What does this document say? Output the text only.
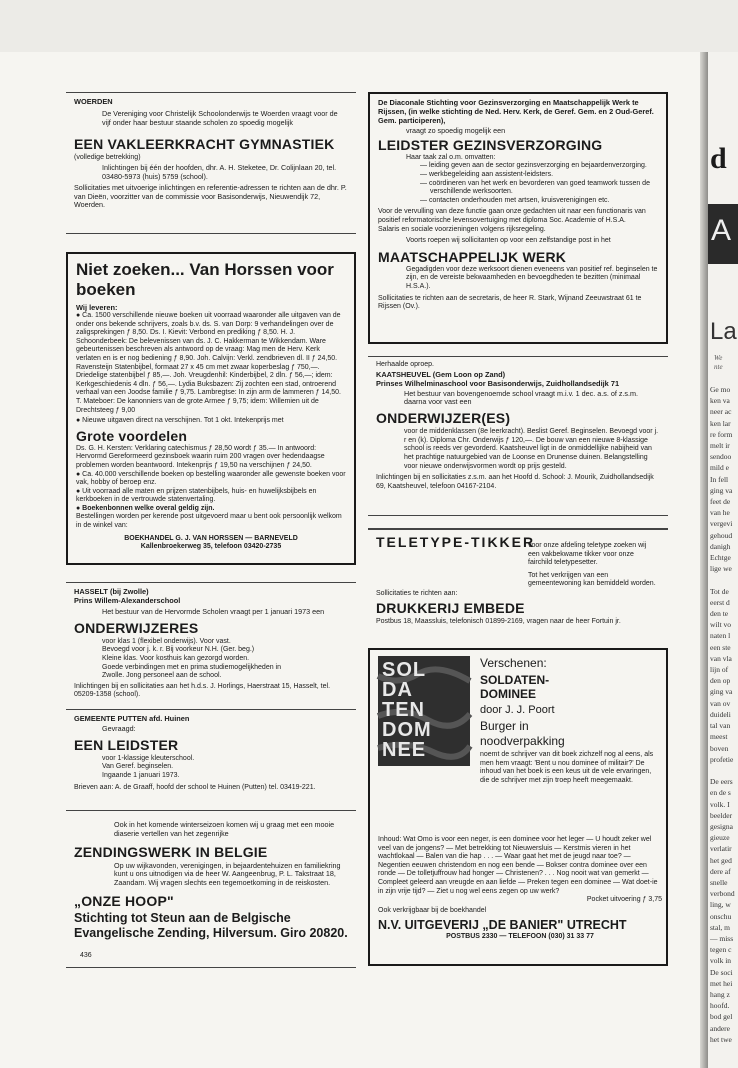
d
A
La
We
nte
Ge mo
ken va
neer ac
ken lar
re form
melt ir
sendoo
mild e
In fell
ging va
feet de
van he
vergevi
gehoud
danigh
Echtge
lige we

Tot de
eerst d
den te
wilt vo
naten l
een ste
van vla
lijn of
den op
ging va
van ov
duideli
tal van
meest
boven
profetie

De eers
en de s
volk. I
beelder
gesigna
gieuze
verlatir
het ged
dere af
snelle
verbond
ling, w
onschu
stal, m
— miss
tegen c
volk in
De soci
met hei
hang z
hoofd.
bod gel
andere
het twe

WOERDEN

De Vereniging voor Christelijk Schoolonderwijs te Woerden vraagt voor de vijf onder haar bestuur staande scholen zo spoedig mogelijk

EEN VAKLEERKRACHT GYMNASTIEK

(volledige betrekking)

Inlichtingen bij één der hoofden, dhr. A. H. Steketee, Dr. Colijnlaan 20, tel. 03480-5973 (huis) 5759 (school).

Sollicitaties met uitvoerige inlichtingen en referentie-adressen te richten aan de dhr. P. van Dieën, voorzitter van de commissie voor Basisonderwijs, Nieuwendijk 72, Woerden.

Niet zoeken... Van Horssen voor boeken

Wij leveren:

● Ca. 1500 verschillende nieuwe boeken uit voorraad waaronder alle uitgaven van de onder ons bekende schrijvers, zoals b.v. ds. S. van Dorp: 9 verhandelingen over de zaligsprekingen ƒ 8,50. Ds. I. Kievit: Verbond en prediking ƒ 8,50. H. J. Schoonderbeek: De belevenissen van ds. J. C. Hakkerman te Wikkendam. Ware gebeurtenissen beschreven als antwoord op de vraag: Mag men de Herv. Kerk verlaten en is er nog bediening ƒ 8,90. Joh. Calvijn: Verkl. zendbrieven dl. II ƒ 24,50. Ravensteijn Statenbijbel, formaat 27 x 45 cm met zwaar koperbeslag ƒ 750,—. Driedelige statenbijbel ƒ 85,—. Joh. Vreugdenhil: Kinderbijbel, 2 dln. ƒ 56,—; idem: Kerkgeschiedenis 4 dln. ƒ 56,—. Lydia Buksbazen: Zij zochten een stad, ontroerend verhaal van een Joodse familie ƒ 9,75. Lambregtse: In zijn arm de lammeren ƒ 14,50. T. Mateboer: De kanonniers van de grote Armee ƒ 9,75; idem: Willemien uit de Drechtsteeg ƒ 9,00

● Nieuwe uitgaven direct na verschijnen. Tot 1 okt. Intekenprijs met

Grote voordelen

Ds. G. H. Kersten: Verklaring catechismus ƒ 28,50 wordt ƒ 35.— In antwoord: Hervormd Gereformeerd gezinsboek waarin ruim 200 vragen over hedendaagse problemen worden beantwoord. Intekenprijs ƒ 19,50 na verschijnen ƒ 24,50.

● Ca. 40.000 verschillende boeken op bestelling waaronder alle gewenste boeken voor vak, hobby of beroep enz.

● Uit voorraad alle maten en prijzen statenbijbels, huis- en huwelijksbijbels en kerkboeken in de vertrouwde statenvertaling.

● Boekenbonnen welke overal geldig zijn.

Bestellingen worden per kerende post uitgevoerd maar u bent ook persoonlijk welkom in de winkel van:

BOEKHANDEL G. J. VAN HORSSEN — BARNEVELD

Kallenbroekerweg 35, telefoon 03420-2735

HASSELT (bij Zwolle)

Prins Willem-Alexanderschool

Het bestuur van de Hervormde Scholen vraagt per 1 januari 1973 een

ONDERWIJZERES

voor klas 1 (flexibel onderwijs). Voor vast.

Bevoegd voor j. k. r. Bij voorkeur N.H. (Ger. beg.)

Kleine klas. Voor kosthuis kan gezorgd worden.

Goede verbindingen met en prima studiemogelijkheden in

Zwolle. Jong personeel aan de school.

Inlichtingen bij en sollicitaties aan het h.d.s. J. Horlings, Haerstraat 15, Hasselt, tel. 05209-1358 (school).

GEMEENTE PUTTEN afd. Huinen

Gevraagd:

EEN LEIDSTER

voor 1-klassige kleuterschool.

Van Geref. beginselen.

Ingaande 1 januari 1973.

Brieven aan: A. de Graaff, hoofd der school te Huinen (Putten) tel. 03419-221.

Ook in het komende winterseizoen komen wij u graag met een mooie diaserie vertellen van het zegenrijke

ZENDINGSWERK IN BELGIE

Op uw wijkavonden, verenigingen, in bejaardentehuizen en familiekring kunt u ons uitnodigen via de heer W. Aangeenbrug, P. L. Takstraat 18, Zaandam. Wij vragen slechts een tegemoetkoming in de reiskosten.

„ONZE HOOP"

Stichting tot Steun aan de Belgische Evangelische Zending, Hilversum. Giro 20820.

436

De Diaconale Stichting voor Gezinsverzorging en Maatschappelijk Werk te Rijssen, (in welke stichting de Ned. Herv. Kerk, de Geref. Gem. en 2 Oud-Geref. Gem. participeren),

vraagt zo spoedig mogelijk een

LEIDSTER GEZINSVERZORGING

Haar taak zal o.m. omvatten:

— leiding geven aan de sector gezinsverzorging en bejaardenverzorging.

— werkbegeleiding aan assistent-leidsters.

— coördineren van het werk en bevorderen van goed teamwork tussen de verschillende werksoorten.

— contacten onderhouden met artsen, kruisverenigingen etc.

Voor de vervulling van deze functie gaan onze gedachten uit naar een functionaris van positief reformatorische levensovertuiging met diploma Soc. Academie of H.S.A.

Salaris en sociale voorzieningen volgens rijksregeling.

Voorts roepen wij sollicitanten op voor een zelfstandige post in het

MAATSCHAPPELIJK WERK

Gegadigden voor deze werksoort dienen eveneens van positief ref. beginselen te zijn, en de vereiste bekwaamheden en bevoegdheden te bezitten (minimaal H.S.A.).

Sollicitaties te richten aan de secretaris, de heer R. Stark, Wijnand Zeeuwstraat 61 te Rijssen (Ov.).

Herhaalde oproep.

KAATSHEUVEL (Gem Loon op Zand)

Prinses Wilhelminaschool voor Basisonderwijs, Zuidhollandsedijk 71

Het bestuur van bovengenoemde school vraagt m.i.v. 1 dec. a.s. of z.s.m. daarna voor vast een

ONDERWIJZER(ES)

voor de middenklassen (8e leerkracht). Beslist Geref. Beginselen. Bevoegd voor j. r en (k). Diploma Chr. Onderwijs ƒ 120,—. De bouw van een nieuwe 8-klassige school is reeds ver gevorderd. Kaatsheuvel ligt in de onmiddellijke nabijheid van het prachtige natuurgebied van de Loonse en Drunense duinen. Belangstelling voor nieuwe onderwijsvormen wordt op prijs gesteld.

Inlichtingen bij en sollicitaties z.s.m. aan het Hoofd d. School: J. Mourik, Zuidhollandsedijk 69, Kaatsheuvel, telefoon 04167-2104.

TELETYPE-TIKKER

voor onze afdeling teletype zoeken wij een vakbekwame tikker voor onze fairchild teletypesetter.

Tot het verkrijgen van een gemeentewoning kan bemiddeld worden.

Sollicitaties te richten aan:

DRUKKERIJ EMBEDE

Postbus 18, Maassluis, telefonisch 01899-2169, vragen naar de heer Fortuin jr.

SOL
DA
TEN
DOM
NEE

Verschenen:

SOLDATEN-

DOMINEE

door J. J. Poort

Burger in

noodverpakking

noemt de schrijver van dit boek zichzelf nog al eens, als men hem vraagt: 'Bent u nou dominee of militair?' De inhoud van het boek is een keus uit de vele ervaringen, die de schrijver met zijn troep heeft meegemaakt.

Inhoud: Wat Omo is voor een neger, is een dominee voor het leger — U houdt zeker wel veel van de jongens? — Met betrekking tot Nieuwersluis — Kerstmis vieren in het wachtlokaal — Balen van die hap . . . — Waar gaat het met de jeugd naar toe? — Negentien eeuwen christendom en nog een bende — Bokser contra dominee over een ronde — De tolletjuffrouw had honger — Christenen? . . . Nog nooit wat van gemerkt — Compleet geleerd aan vreugde en aan liefde — Preken tegen een dominee — Wat doet-ie in zijn vrije tijd? — Ziet u nog wel eens zegen op uw werk?

Pocket uitvoering ƒ 3,75

Ook verkrijgbaar bij de boekhandel

N.V. UITGEVERIJ „DE BANIER" UTRECHT

POSTBUS 2330 — TELEFOON (030) 31 33 77
